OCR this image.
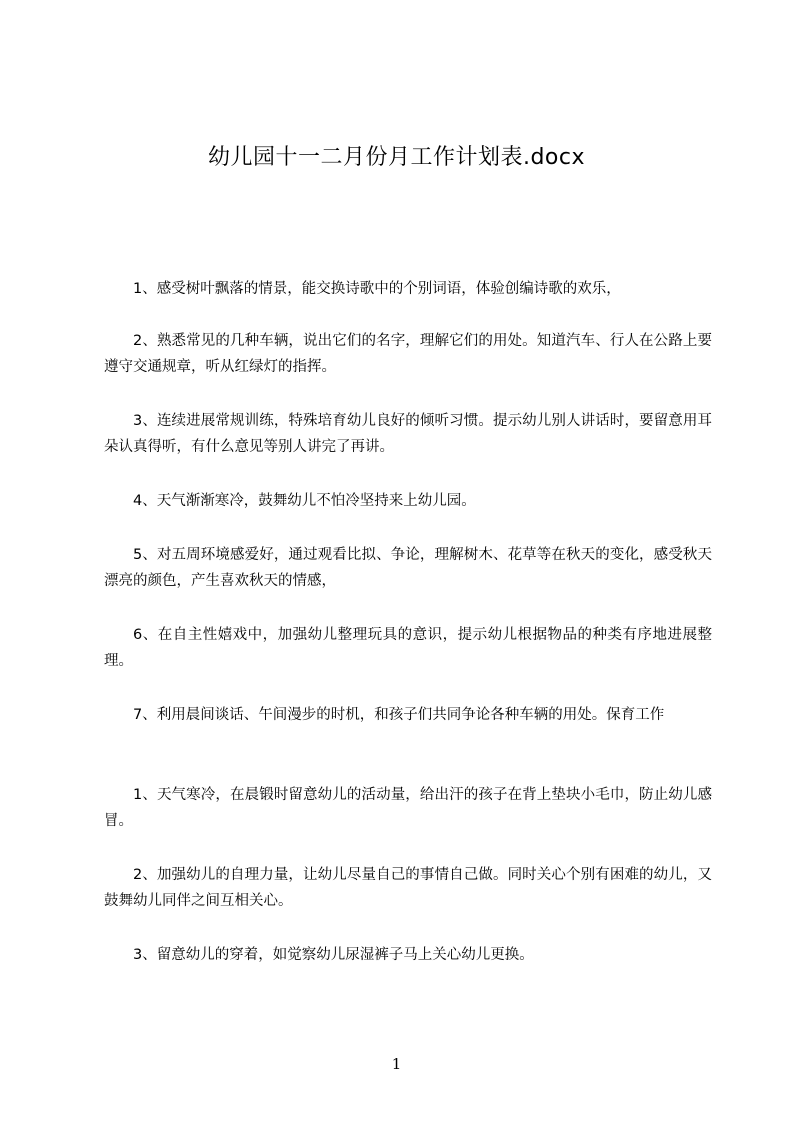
幼儿园十一二月份月工作计划表.docx

1、感受树叶飘落的情景，能交换诗歌中的个别词语，体验创编诗歌的欢乐，

2、熟悉常见的几种车辆，说出它们的名字，理解它们的用处。知道汽车、行人在公路上要遵守交通规章，听从红绿灯的指挥。

3、连续进展常规训练，特殊培育幼儿良好的倾听习惯。提示幼儿别人讲话时，要留意用耳朵认真得听，有什么意见等别人讲完了再讲。

4、天气渐渐寒冷，鼓舞幼儿不怕冷坚持来上幼儿园。

5、对五周环境感爱好，通过观看比拟、争论，理解树木、花草等在秋天的变化，感受秋天漂亮的颜色，产生喜欢秋天的情感，

6、在自主性嬉戏中，加强幼儿整理玩具的意识，提示幼儿根据物品的种类有序地进展整理。

7、利用晨间谈话、午间漫步的时机，和孩子们共同争论各种车辆的用处。保育工作

1、天气寒冷，在晨锻时留意幼儿的活动量，给出汗的孩子在背上垫块小毛巾，防止幼儿感冒。

2、加强幼儿的自理力量，让幼儿尽量自己的事情自己做。同时关心个别有困难的幼儿，又鼓舞幼儿同伴之间互相关心。

3、留意幼儿的穿着，如觉察幼儿尿湿裤子马上关心幼儿更换。

1
